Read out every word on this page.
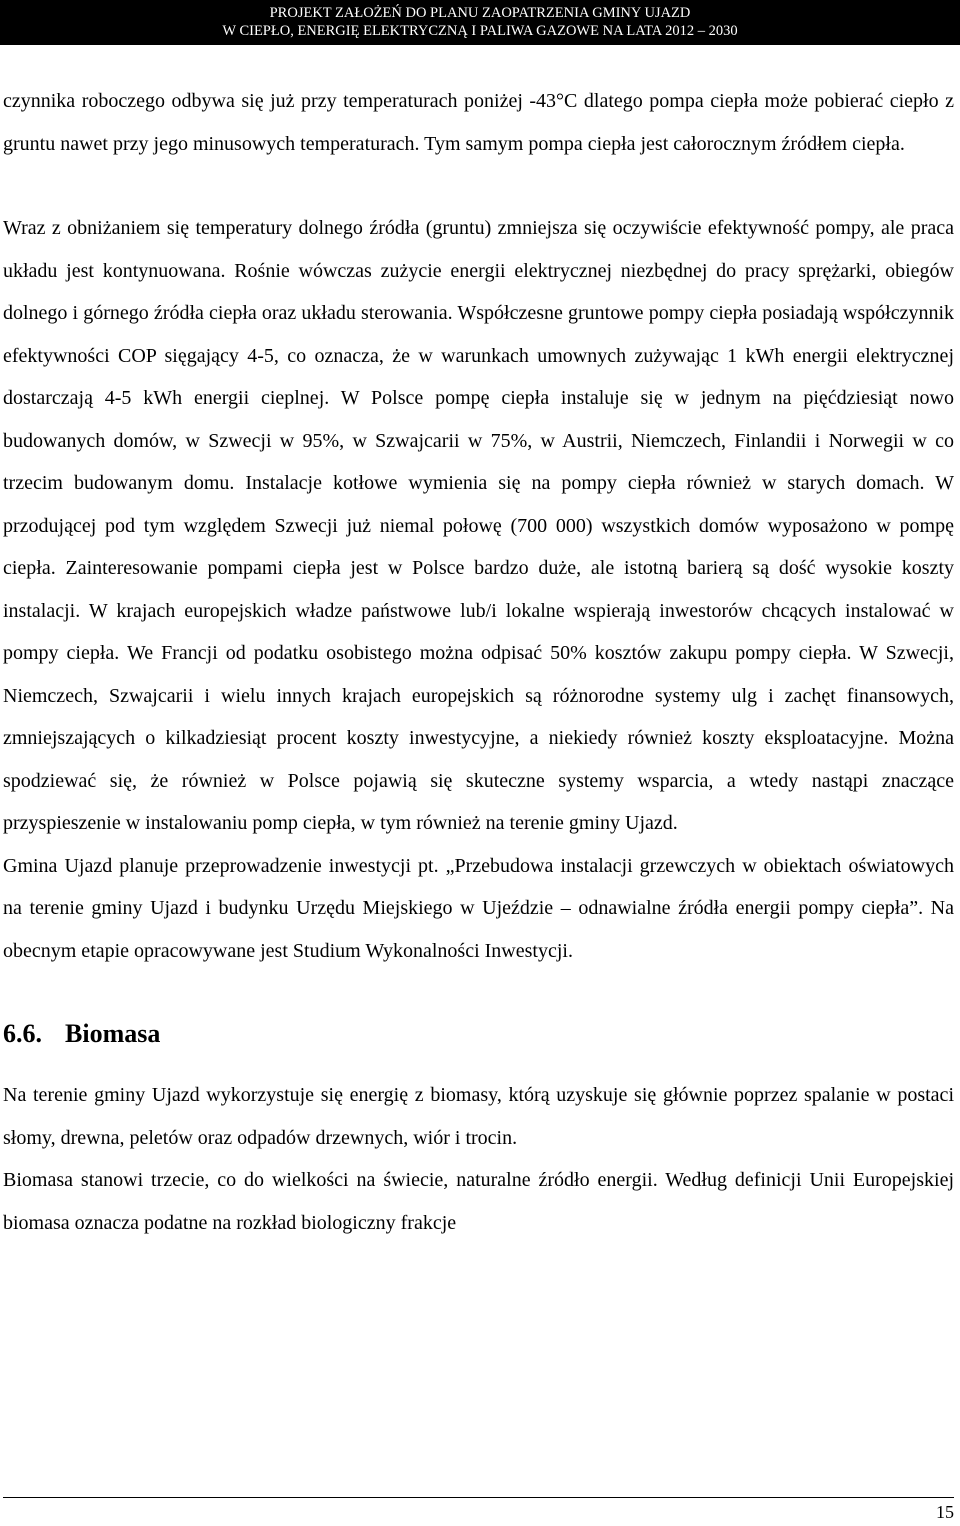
PROJEKT ZAŁOŻEŃ DO PLANU ZAOPATRZENIA GMINY UJAZD
W CIEPŁO, ENERGIĘ ELEKTRYCZNĄ I PALIWA GAZOWE NA LATA 2012 – 2030

czynnika roboczego odbywa się już przy temperaturach poniżej -43°C dlatego pompa ciepła może pobierać ciepło z gruntu nawet przy jego minusowych temperaturach. Tym samym pompa ciepła jest całorocznym źródłem ciepła.

Wraz z obniżaniem się temperatury dolnego źródła (gruntu) zmniejsza się oczywiście efektywność pompy, ale praca układu jest kontynuowana. Rośnie wówczas zużycie energii elektrycznej niezbędnej do pracy sprężarki, obiegów dolnego i górnego źródła ciepła oraz układu sterowania. Współczesne gruntowe pompy ciepła posiadają współczynnik efektywności COP sięgający 4-5, co oznacza, że w warunkach umownych zużywając 1 kWh energii elektrycznej dostarczają 4-5 kWh energii cieplnej. W Polsce pompę ciepła instaluje się w jednym na pięćdziesiąt nowo budowanych domów, w Szwecji w 95%, w Szwajcarii w 75%, w Austrii, Niemczech, Finlandii i Norwegii w co trzecim budowanym domu. Instalacje kotłowe wymienia się na pompy ciepła również w starych domach. W przodującej pod tym względem Szwecji już niemal połowę (700 000) wszystkich domów wyposażono w pompę ciepła. Zainteresowanie pompami ciepła jest w Polsce bardzo duże, ale istotną barierą są dość wysokie koszty instalacji. W krajach europejskich władze państwowe lub/i lokalne wspierają inwestorów chcących instalować w pompy ciepła. We Francji od podatku osobistego można odpisać 50% kosztów zakupu pompy ciepła. W Szwecji, Niemczech, Szwajcarii i wielu innych krajach europejskich są różnorodne systemy ulg i zachęt finansowych, zmniejszających o kilkadziesiąt procent koszty inwestycyjne, a niekiedy również koszty eksploatacyjne. Można spodziewać się, że również w Polsce pojawią się skuteczne systemy wsparcia, a wtedy nastąpi znaczące przyspieszenie w instalowaniu pomp ciepła, w tym również na terenie gminy Ujazd.

Gmina Ujazd planuje przeprowadzenie inwestycji pt. „Przebudowa instalacji grzewczych w obiektach oświatowych na terenie gminy Ujazd i budynku Urzędu Miejskiego w Ujeździe – odnawialne źródła energii pompy ciepła”. Na obecnym etapie opracowywane jest Studium Wykonalności Inwestycji.

6.6. Biomasa

Na terenie gminy Ujazd wykorzystuje się energię z biomasy, którą uzyskuje się głównie poprzez spalanie w postaci słomy, drewna, peletów oraz odpadów drzewnych, wiór i trocin.

Biomasa stanowi trzecie, co do wielkości na świecie, naturalne źródło energii. Według definicji Unii Europejskiej biomasa oznacza podatne na rozkład biologiczny frakcje

15
